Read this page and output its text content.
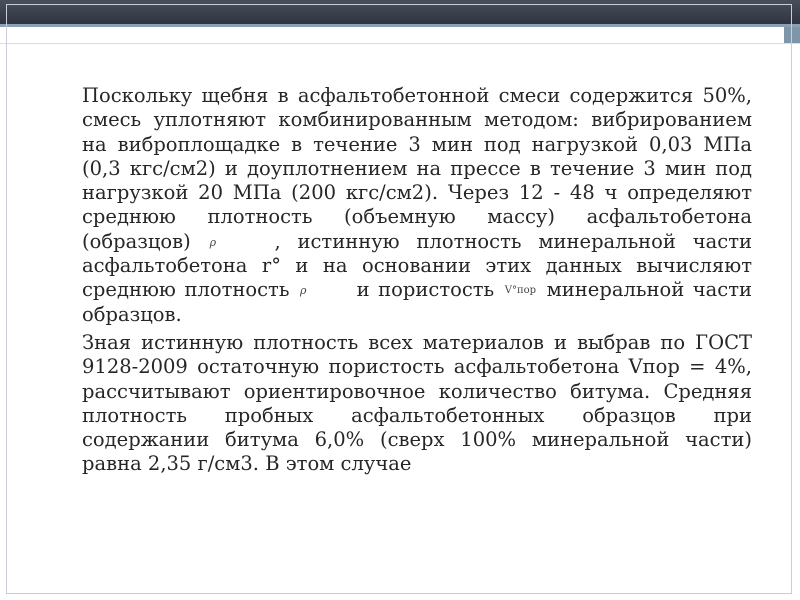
Поскольку щебня в асфальтобетонной смеси содержится 50%, смесь уплотняют комбинированным методом: вибрированием на виброплощадке в течение 3 мин под нагрузкой 0,03 МПа (0,3 кгс/см2) и доуплотнением на прессе в течение 3 мин под нагрузкой 20 МПа (200 кгс/см2). Через 12 - 48 ч определяют среднюю плотность (объемную массу) асфальтобетона (образцов) ρ	, истинную плотность минеральной части асфальтобетона r° и на основании этих данных вычисляют среднюю плотность ρ	и пористость V°пор минеральной части образцов.

Зная истинную плотность всех материалов и выбрав по ГОСТ 9128-2009 остаточную пористость асфальтобетона Vпор = 4%, рассчитывают ориентировочное количество битума. Средняя плотность пробных асфальтобетонных образцов при содержании битума 6,0% (сверх 100% минеральной части) равна 2,35 г/см3. В этом случае
